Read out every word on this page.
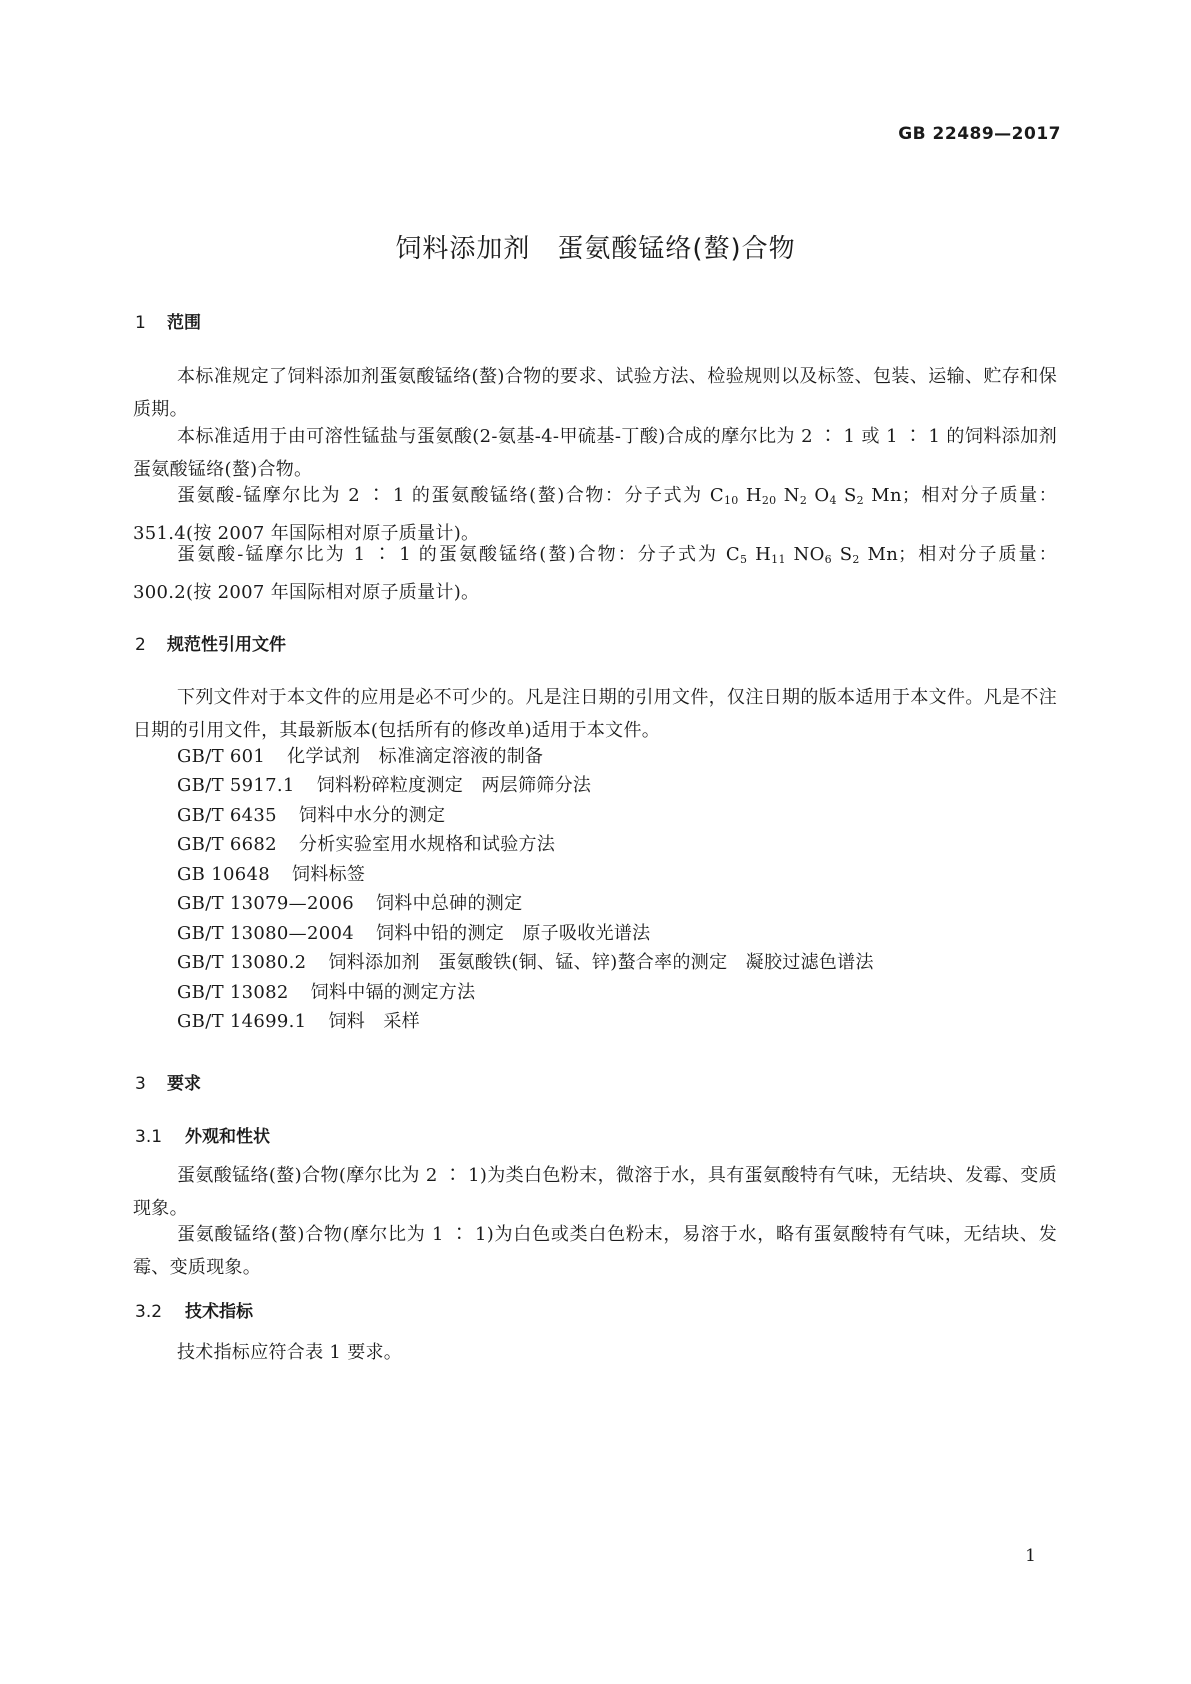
GB 22489—2017
饲料添加剂　蛋氨酸锰络(螯)合物
1 范围
本标准规定了饲料添加剂蛋氨酸锰络(螯)合物的要求、试验方法、检验规则以及标签、包装、运输、贮存和保质期。
本标准适用于由可溶性锰盐与蛋氨酸(2-氨基-4-甲硫基-丁酸)合成的摩尔比为 2 ∶ 1 或 1 ∶ 1 的饲料添加剂蛋氨酸锰络(螯)合物。
蛋氨酸-锰摩尔比为 2 ∶ 1 的蛋氨酸锰络(螯)合物：分子式为 $C_{10}$ $H_{20}$ $N_2$ $O_4$ $S_2$ Mn；相对分子质量：351.4(按 2007 年国际相对原子质量计)。
蛋氨酸-锰摩尔比为 1 ∶ 1 的蛋氨酸锰络(螯)合物：分子式为 $C_5$ $H_{11}$ $NO_6$ $S_2$ Mn；相对分子质量：300.2(按 2007 年国际相对原子质量计)。
2 规范性引用文件
下列文件对于本文件的应用是必不可少的。凡是注日期的引用文件，仅注日期的版本适用于本文件。凡是不注日期的引用文件，其最新版本(包括所有的修改单)适用于本文件。
GB/T 601 化学试剂　标准滴定溶液的制备
GB/T 5917.1 饲料粉碎粒度测定　两层筛筛分法
GB/T 6435 饲料中水分的测定
GB/T 6682 分析实验室用水规格和试验方法
GB 10648 饲料标签
GB/T 13079—2006 饲料中总砷的测定
GB/T 13080—2004 饲料中铅的测定　原子吸收光谱法
GB/T 13080.2 饲料添加剂　蛋氨酸铁(铜、锰、锌)螯合率的测定　凝胶过滤色谱法
GB/T 13082 饲料中镉的测定方法
GB/T 14699.1 饲料　采样
3 要求
3.1 外观和性状
蛋氨酸锰络(螯)合物(摩尔比为 2 ∶ 1)为类白色粉末，微溶于水，具有蛋氨酸特有气味，无结块、发霉、变质现象。
蛋氨酸锰络(螯)合物(摩尔比为 1 ∶ 1)为白色或类白色粉末，易溶于水，略有蛋氨酸特有气味，无结块、发霉、变质现象。
3.2 技术指标
技术指标应符合表 1 要求。
1
